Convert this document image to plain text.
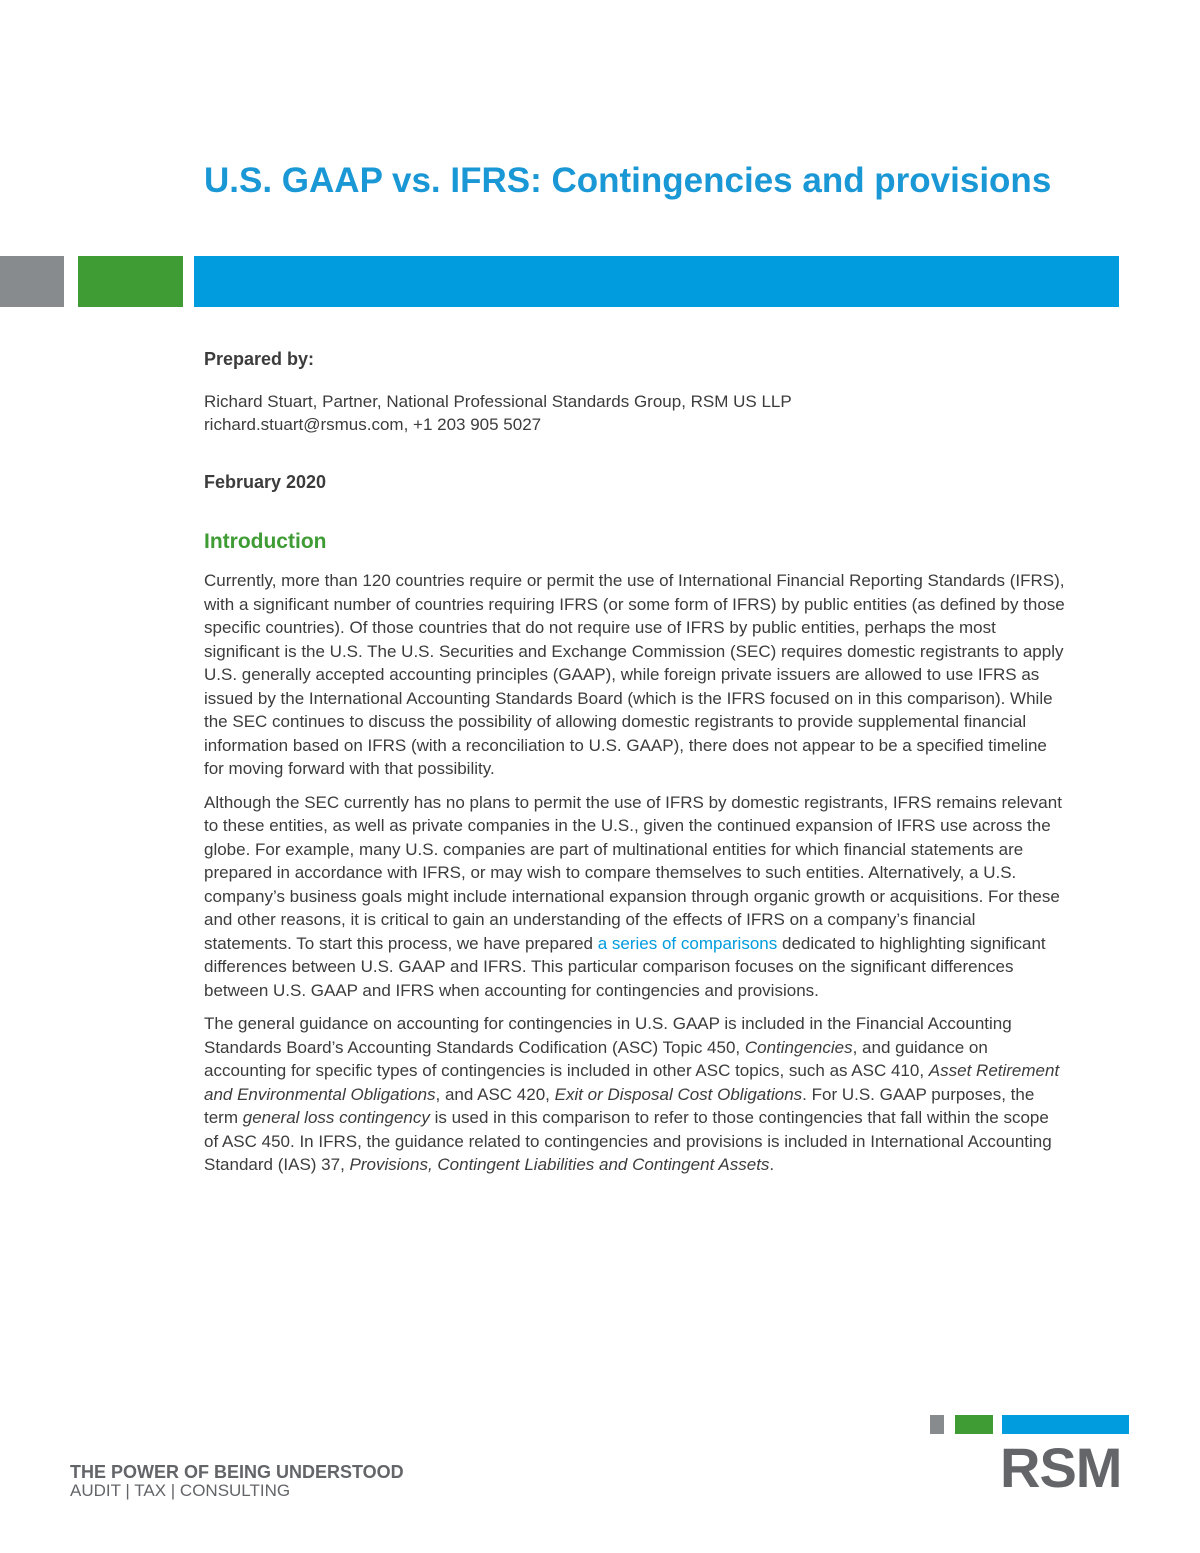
U.S. GAAP vs. IFRS: Contingencies and provisions
Prepared by:
Richard Stuart, Partner, National Professional Standards Group, RSM US LLP
richard.stuart@rsmus.com, +1 203 905 5027
February 2020
Introduction

Currently, more than 120 countries require or permit the use of International Financial Reporting Standards (IFRS), with a significant number of countries requiring IFRS (or some form of IFRS) by public entities (as defined by those specific countries). Of those countries that do not require use of IFRS by public entities, perhaps the most significant is the U.S. The U.S. Securities and Exchange Commission (SEC) requires domestic registrants to apply U.S. generally accepted accounting principles (GAAP), while foreign private issuers are allowed to use IFRS as issued by the International Accounting Standards Board (which is the IFRS focused on in this comparison). While the SEC continues to discuss the possibility of allowing domestic registrants to provide supplemental financial information based on IFRS (with a reconciliation to U.S. GAAP), there does not appear to be a specified timeline for moving forward with that possibility.

Although the SEC currently has no plans to permit the use of IFRS by domestic registrants, IFRS remains relevant to these entities, as well as private companies in the U.S., given the continued expansion of IFRS use across the globe. For example, many U.S. companies are part of multinational entities for which financial statements are prepared in accordance with IFRS, or may wish to compare themselves to such entities. Alternatively, a U.S. company’s business goals might include international expansion through organic growth or acquisitions. For these and other reasons, it is critical to gain an understanding of the effects of IFRS on a company’s financial statements. To start this process, we have prepared a series of comparisons dedicated to highlighting significant differences between U.S. GAAP and IFRS. This particular comparison focuses on the significant differences between U.S. GAAP and IFRS when accounting for contingencies and provisions.

The general guidance on accounting for contingencies in U.S. GAAP is included in the Financial Accounting Standards Board’s Accounting Standards Codification (ASC) Topic 450, Contingencies, and guidance on accounting for specific types of contingencies is included in other ASC topics, such as ASC 410, Asset Retirement and Environmental Obligations, and ASC 420, Exit or Disposal Cost Obligations. For U.S. GAAP purposes, the term general loss contingency is used in this comparison to refer to those contingencies that fall within the scope of ASC 450. In IFRS, the guidance related to contingencies and provisions is included in International Accounting Standard (IAS) 37, Provisions, Contingent Liabilities and Contingent Assets.

THE POWER OF BEING UNDERSTOOD
AUDIT | TAX | CONSULTING	RSM
